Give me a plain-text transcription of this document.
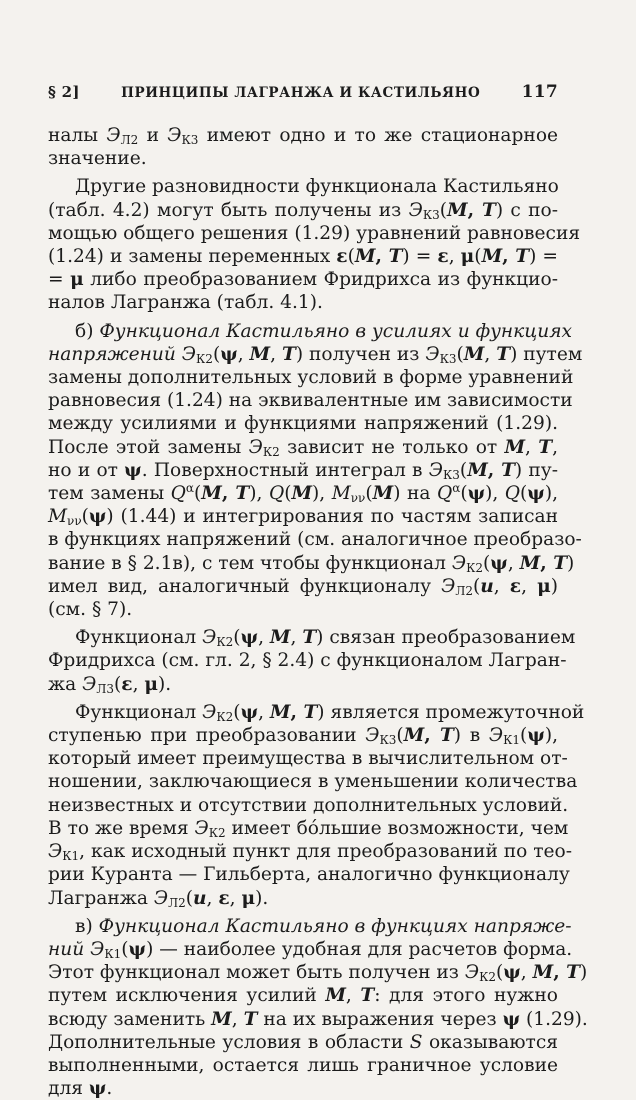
§ 2]	ПРИНЦИПЫ ЛАГРАНЖА И КАСТИЛЬЯНО 117
налы $Э_{Л2}$ и $Э_{К3}$ имеют одно и то же стационарное
значение.
Другие разновидности функционала Кастильяно
(табл. 4.2) могут быть получены из $Э_{К3}(M$, T) с по-
мощью общего решения (1.29) уравнений равновесия
(1.24) и замены переменных ε(M, T) = ε, μ(M, T) =
= μ либо преобразованием Фридрихса из функцио-
налов Лагранжа (табл. 4.1).
б) Функционал Кастильяно в усилиях и функциях
напряжений $Э_{К2}(\psi$, M, T) получен из $Э_{К3}(M$, T) путем
замены дополнительных условий в форме уравнений
равновесия (1.24) на эквивалентные им зависимости
между усилиями и функциями напряжений (1.29).
После этой замены $Э_{К2}$ зависит не только от M, T,
но и от ψ. Поверхностный интеграл в $Э_{К3}(M$, T) пу-
тем замены $Q^\alpha(M$, T), Q(M), $M_{\nu\nu}(M)$ на $Q^\alpha(\psi)$, Q(ψ),
$M_{\nu\nu}(\psi)$ (1.44) и интегрирования по частям записан
в функциях напряжений (см. аналогичное преобразо-
вание в § 2.1в), с тем чтобы функционал $Э_{К2}(\psi$, M, T)
имел вид, аналогичный функционалу $Э_{Л2}(u$, ε, μ)
(см. § 7).
Функционал $Э_{К2}(\psi$, M, T) связан преобразованием
Фридрихса (см. гл. 2, § 2.4) с функционалом Лагран-
жа $Э_{Л3}(\varepsilon$, μ).
Функционал $Э_{К2}(\psi$, M, T) является промежуточной
ступенью при преобразовании $Э_{К3}(M$, T) в $Э_{К1}(\psi)$,
который имеет преимущества в вычислительном от-
ношении, заключающиеся в уменьшении количества
неизвестных и отсутствии дополнительных условий.
В то же время $Э_{К2}$ имеет бóльшие возможности, чем
$Э_{К1}$, как исходный пункт для преобразований по тео-
рии Куранта — Гильберта, аналогично функционалу
Лагранжа $Э_{Л2}(u$, ε, μ).
в) Функционал Кастильяно в функциях напряже-
ний $Э_{К1}(\psi)$ — наиболее удобная для расчетов форма.
Этот функционал может быть получен из $Э_{К2}(\psi$, M, T)
путем исключения усилий M, T: для этого нужно
всюду заменить M, T на их выражения через ψ (1.29).
Дополнительные условия в области S оказываются
выполненными, остается лишь граничное условие
для ψ.
